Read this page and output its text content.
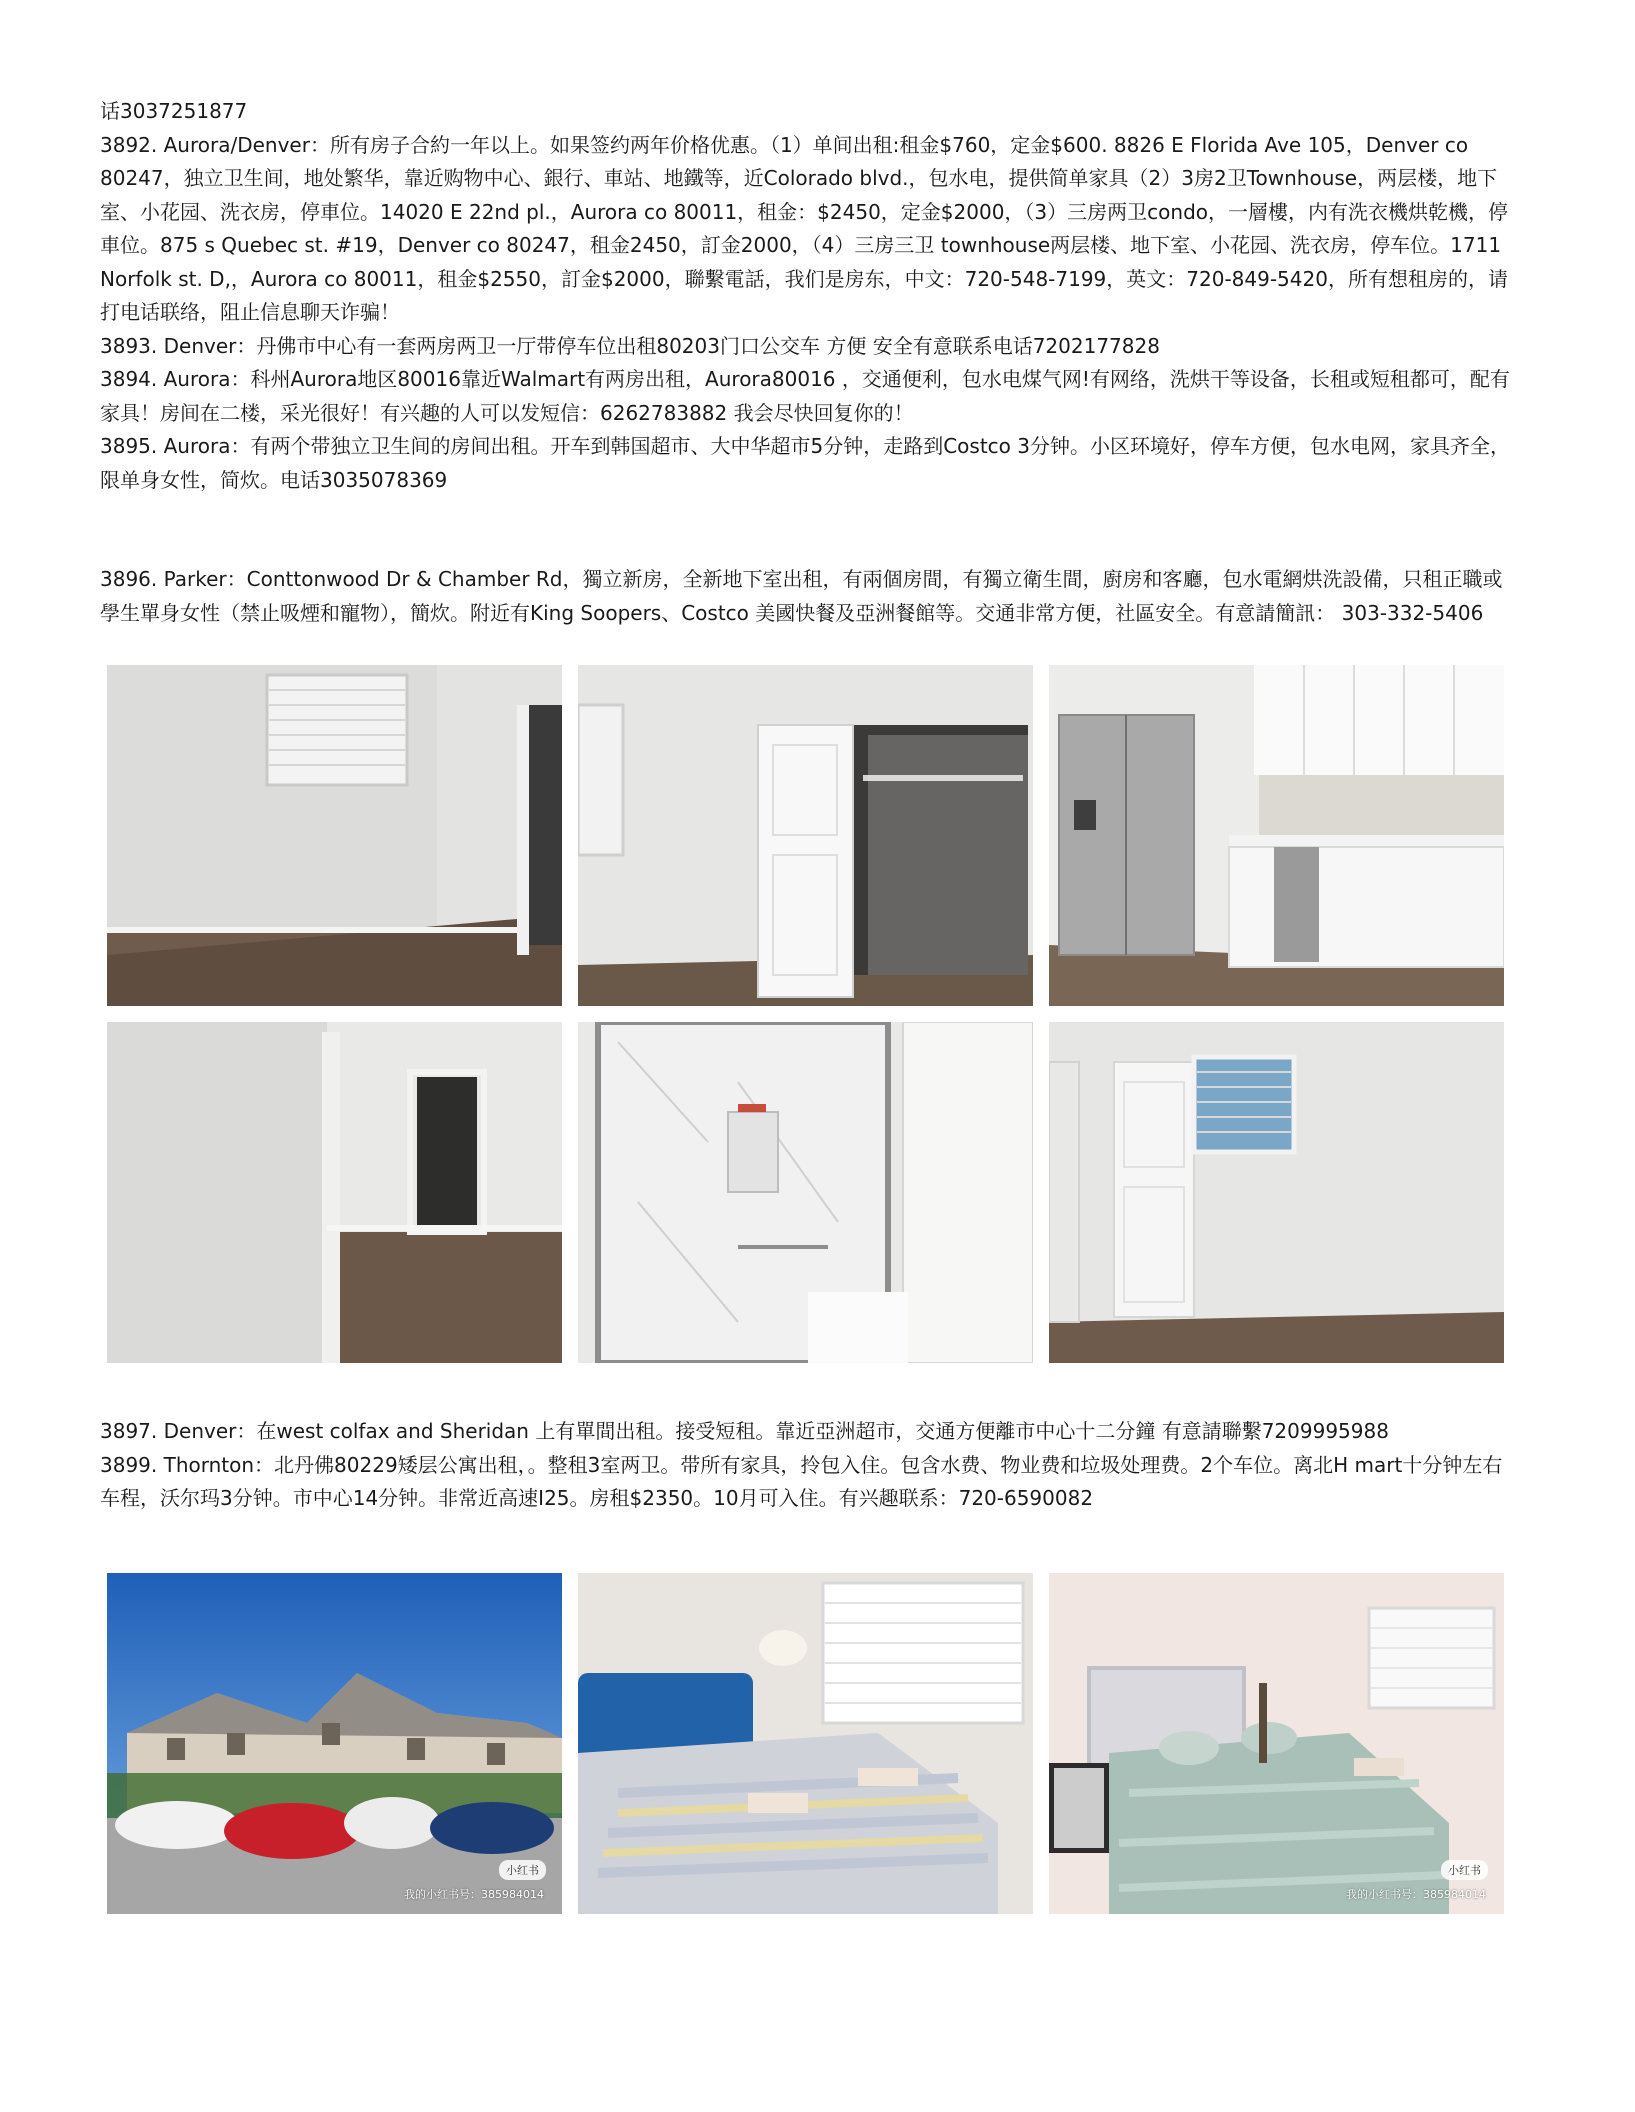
话3037251877

3892. Aurora/Denver：所有房子合約一年以上。如果签约两年价格优惠。（1）单间出租:租金$760，定金$600. 8826 E Florida Ave 105，Denver co 80247，独立卫生间，地处繁华，靠近购物中心、銀行、車站、地鐵等，近Colorado blvd.，包水电，提供简单家具（2）3房2卫Townhouse，两层楼，地下室、小花园、洗衣房，停車位。14020 E 22nd pl.，Aurora co 80011，租金：$2450，定金$2000，（3）三房两卫condo，一層樓，内有洗衣機烘乾機，停車位。875 s Quebec st. #19，Denver co 80247，租金2450，訂金2000，（4）三房三卫 townhouse两层楼、地下室、小花园、洗衣房，停车位。1711 Norfolk st. D,，Aurora co 80011，租金$2550，訂金$2000，聯繫電話，我们是房东，中文：720-548-7199，英文：720-849-5420，所有想租房的，请打电话联络，阻止信息聊天诈骗！

3893. Denver：丹佛市中心有一套两房两卫一厅带停车位出租80203门口公交车 方便 安全有意联系电话7202177828

3894. Aurora：科州Aurora地区80016靠近Walmart有两房出租，Aurora80016 ，交通便利，包水电煤气网!有网络，洗烘干等设备，长租或短租都可，配有家具！房间在二楼，采光很好！有兴趣的人可以发短信：6262783882 我会尽快回复你的！

3895. Aurora：有两个带独立卫生间的房间出租。开车到韩国超市、大中华超市5分钟，走路到Costco 3分钟。小区环境好，停车方便，包水电网，家具齐全，限单身女性，简炊。电话3035078369

3896. Parker：Conttonwood Dr & Chamber Rd，獨立新房，全新地下室出租，有兩個房間，有獨立衛生間，廚房和客廳，包水電網烘洗設備，只租正職或學生單身女性（禁止吸煙和寵物），簡炊。附近有King Soopers、Costco 美國快餐及亞洲餐館等。交通非常方便，社區安全。有意請簡訊： 303-332-5406

3897. Denver：在west colfax and Sheridan 上有單間出租。接受短租。靠近亞洲超市，交通方便離市中心十二分鐘 有意請聯繫7209995988

3899. Thornton：北丹佛80229矮层公寓出租，。整租3室两卫。带所有家具，拎包入住。包含水费、物业费和垃圾处理费。2个车位。离北H mart十分钟左右车程，沃尔玛3分钟。市中心14分钟。非常近高速I25。房租$2350。10月可入住。有兴趣联系：720-6590082

小红书
我的小红书号：385984014
小红书
我的小红书号：385984014
